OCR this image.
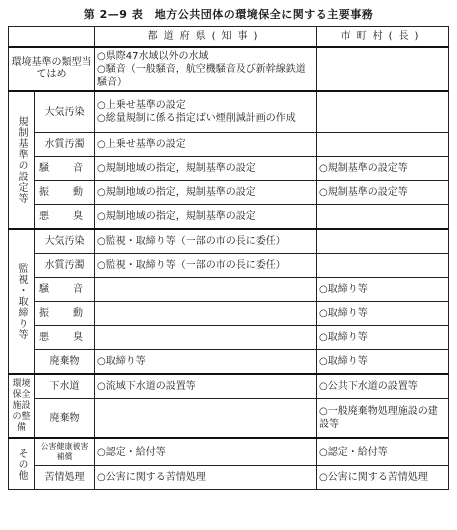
第 2—9 表　地方公共団体の環境保全に関する主要事務
		都道府県(知事)	市町村(長)
環境基準の類型当てはめ		○県際47水域以外の水域
○騒音（一般騒音，航空機騒音及び新幹線鉄道騒音）	

規制基準の設定等	大気汚染	○上乗せ基準の設定
○総量規制に係る指定ばい煙削減計画の作成	
	水質汚濁	○上乗せ基準の設定	
	騒　音	○規制地域の指定，規制基準の設定	○規制基準の設定等
	振　動	○規制地域の指定，規制基準の設定	○規制基準の設定等
	悪　臭	○規制地域の指定，規制基準の設定	

監視・取締り等	大気汚染	○監視・取締り等（一部の市の長に委任）	
	水質汚濁	○監視・取締り等（一部の市の長に委任）	
	騒　音		○取締り等
	振　動		○取締り等
	悪　臭		○取締り等
	廃棄物	○取締り等	○取締り等
環境保全施設の整備	下水道	○流域下水道の設置等	○公共下水道の設置等
	廃棄物		○一般廃棄物処理施設の建設等

その他	公害健康被害補償	○認定・給付等	○認定・給付等
	苦情処理	○公害に関する苦情処理	○公害に関する苦情処理
